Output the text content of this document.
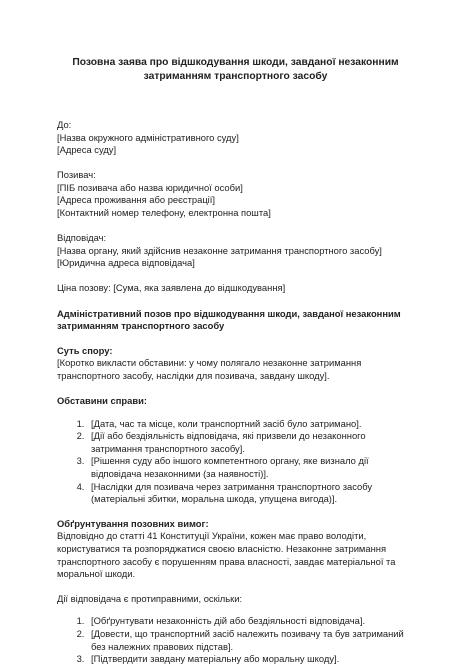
Позовна заява про відшкодування шкоди, завданої незаконним затриманням транспортного засобу
До:
[Назва окружного адміністративного суду]
[Адреса суду]
Позивач:
[ПІБ позивача або назва юридичної особи]
[Адреса проживання або реєстрації]
[Контактний номер телефону, електронна пошта]
Відповідач:
[Назва органу, який здійснив незаконне затримання транспортного засобу]
[Юридична адреса відповідача]
Ціна позову: [Сума, яка заявлена до відшкодування]
Адміністративний позов про відшкодування шкоди, завданої незаконним затриманням транспортного засобу
Суть спору:
[Коротко викласти обставини: у чому полягало незаконне затримання транспортного засобу, наслідки для позивача, завдану шкоду].
Обставини справи:
1. [Дата, час та місце, коли транспортний засіб було затримано].
2. [Дії або бездіяльність відповідача, які призвели до незаконного затримання транспортного засобу].
3. [Рішення суду або іншого компетентного органу, яке визнало дії відповідача незаконними (за наявності)].
4. [Наслідки для позивача через затримання транспортного засобу (матеріальні збитки, моральна шкода, упущена вигода)].
Обґрунтування позовних вимог:
Відповідно до статті 41 Конституції України, кожен має право володіти, користуватися та розпоряджатися своєю власністю. Незаконне затримання транспортного засобу є порушенням права власності, завдає матеріальної та моральної шкоди.
Дії відповідача є протиправними, оскільки:
1. [Обґрунтувати незаконність дій або бездіяльності відповідача].
2. [Довести, що транспортний засіб належить позивачу та був затриманий без належних правових підстав].
3. [Підтвердити завдану матеріальну або моральну шкоду].
